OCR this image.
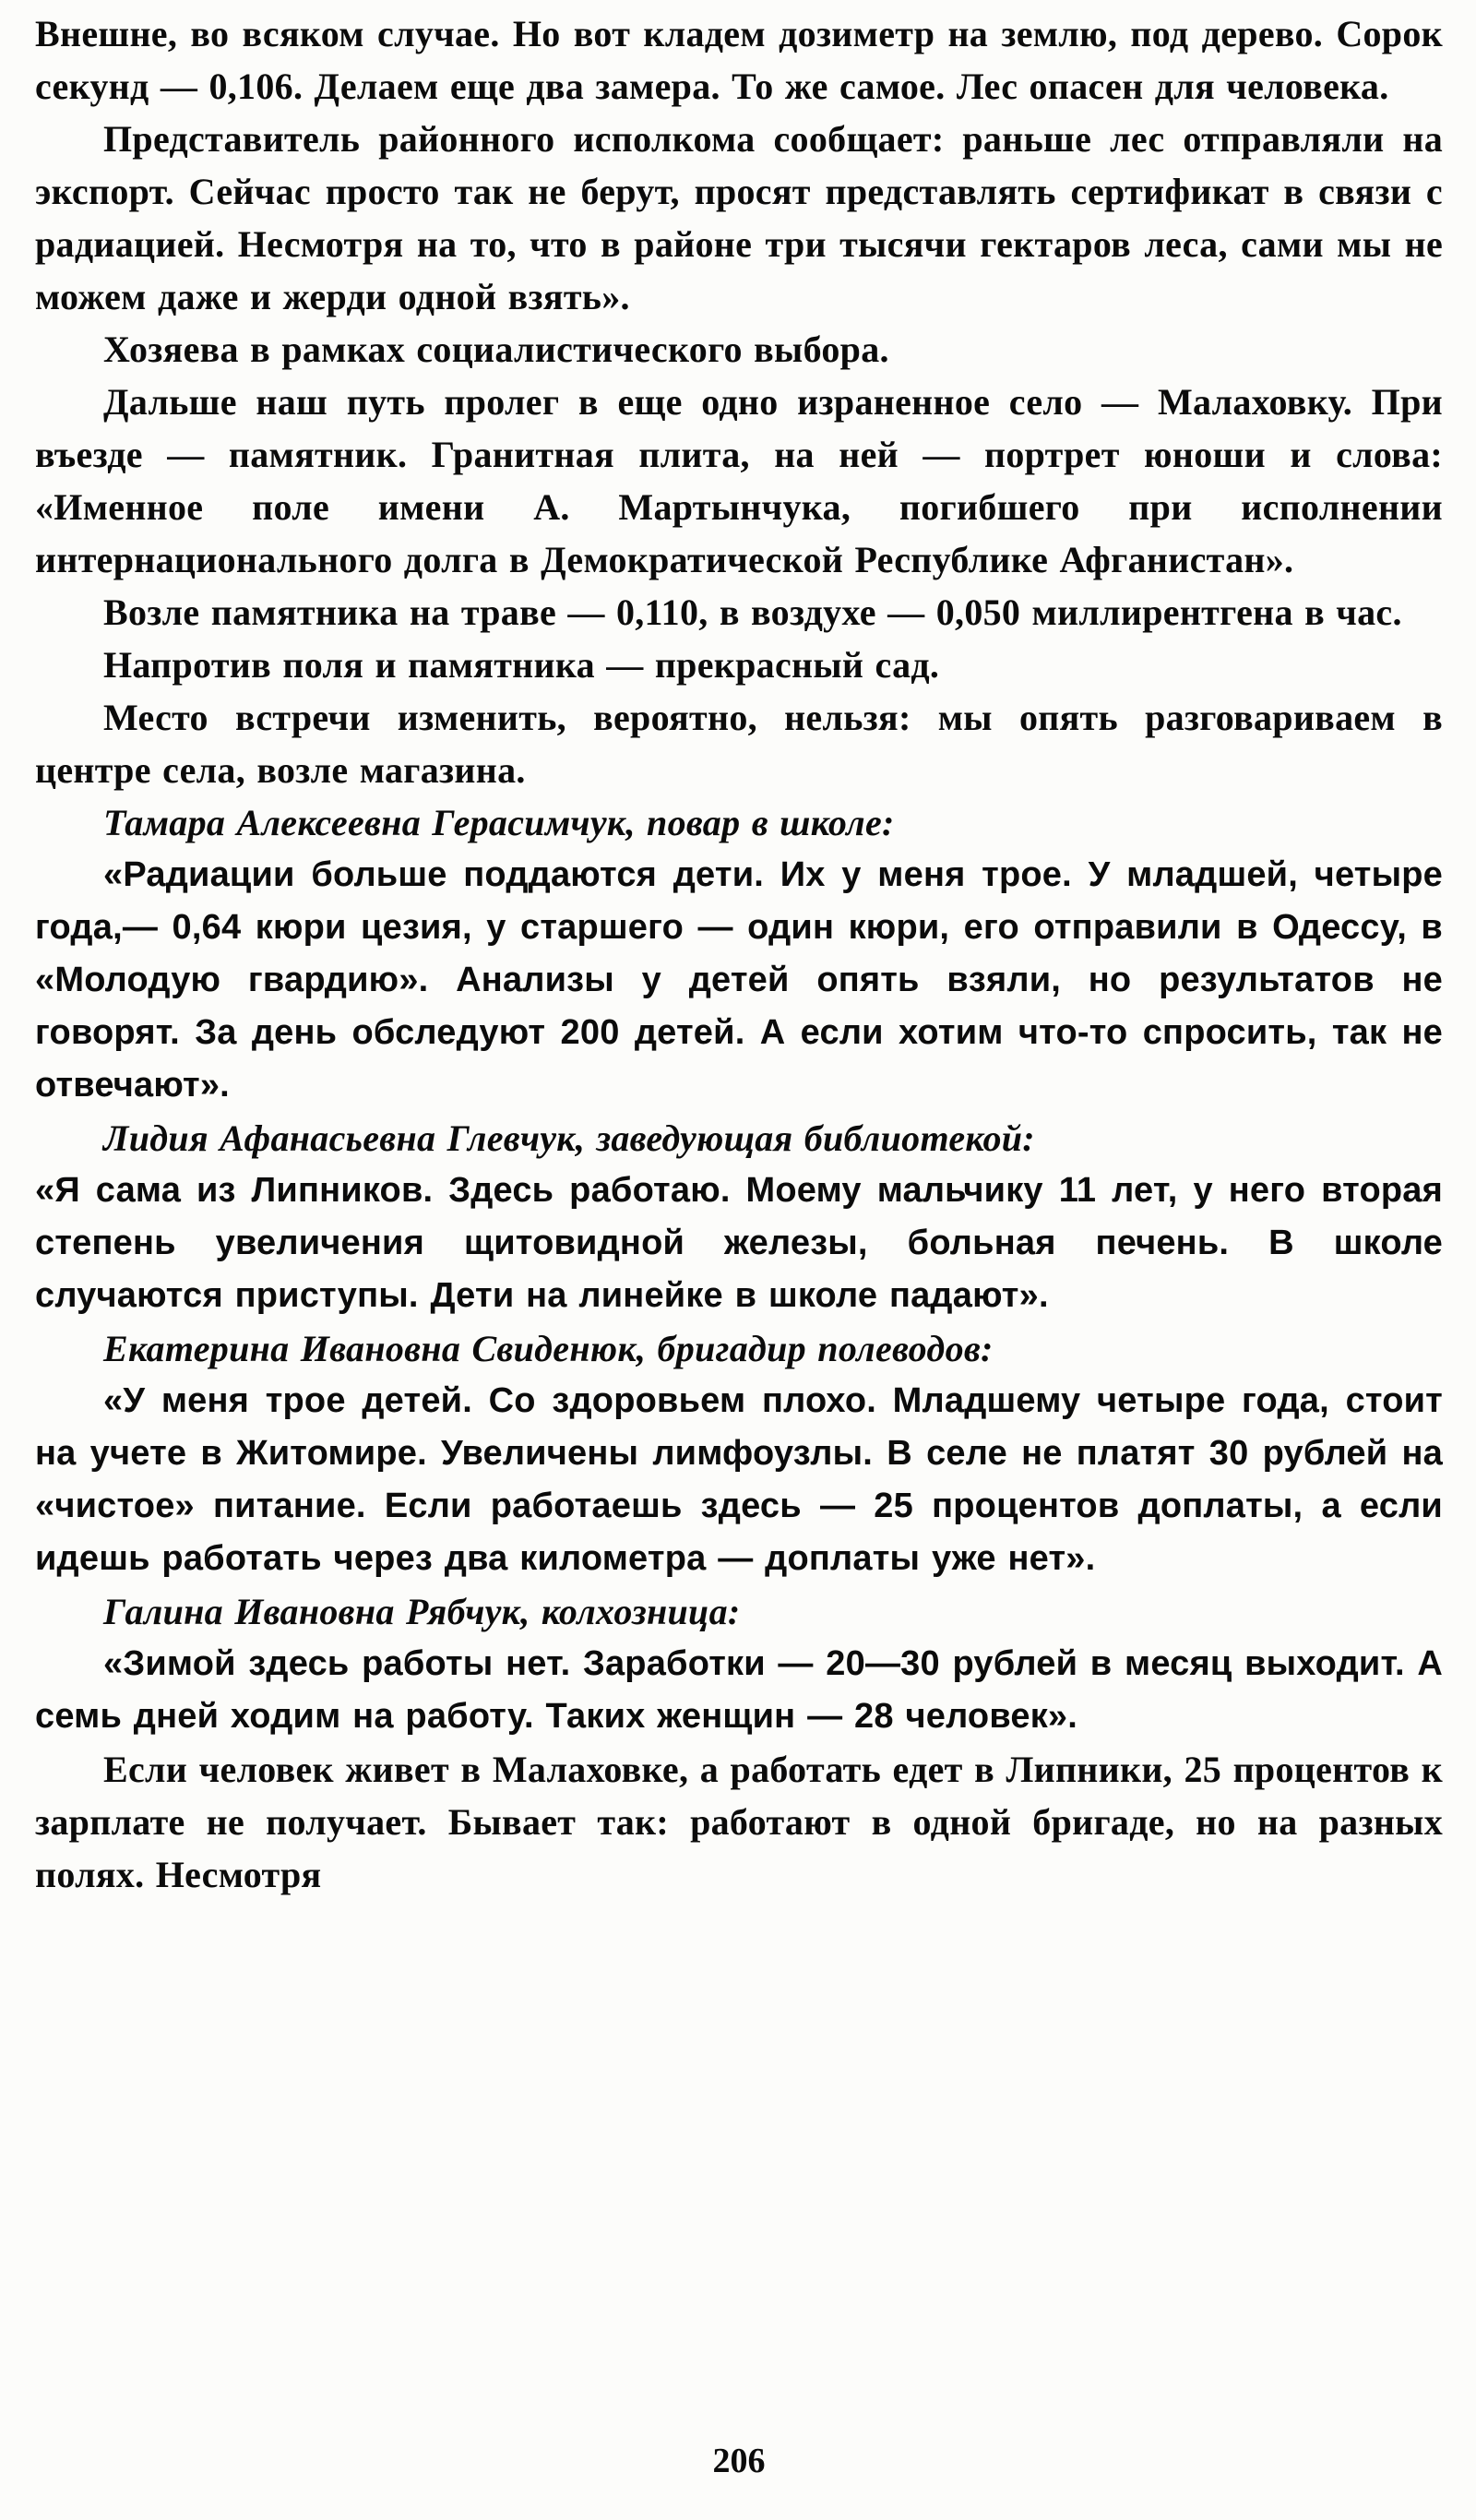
Внешне, во всяком случае. Но вот кладем дозиметр на землю, под дерево. Сорок секунд — 0,106. Делаем еще два замера. То же самое. Лес опасен для человека.

Представитель районного исполкома сообщает: раньше лес отправляли на экспорт. Сейчас просто так не берут, просят представлять сертификат в связи с радиацией. Несмотря на то, что в районе три тысячи гектаров леса, сами мы не можем даже и жерди одной взять».

Хозяева в рамках социалистического выбора.

Дальше наш путь пролег в еще одно израненное село — Малаховку. При въезде — памятник. Гранитная плита, на ней — портрет юноши и слова: «Именное поле имени А. Мартынчука, погибшего при исполнении интернационального долга в Демократической Республике Афганистан».

Возле памятника на траве — 0,110, в воздухе — 0,050 миллирентгена в час.

Напротив поля и памятника — прекрасный сад.

Место встречи изменить, вероятно, нельзя: мы опять разговариваем в центре села, возле магазина.

Тамара Алексеевна Герасимчук, повар в школе:

«Радиации больше поддаются дети. Их у меня трое. У младшей, четыре года,— 0,64 кюри цезия, у старшего — один кюри, его отправили в Одессу, в «Молодую гвардию». Анализы у детей опять взяли, но результатов не говорят. За день обследуют 200 детей. А если хотим что-то спросить, так не отвечают».

Лидия Афанасьевна Глевчук, заведующая библиотекой:

«Я сама из Липников. Здесь работаю. Моему мальчику 11 лет, у него вторая степень увеличения щитовидной железы, больная печень. В школе случаются приступы. Дети на линейке в школе падают».

Екатерина Ивановна Свиденюк, бригадир полеводов:

«У меня трое детей. Со здоровьем плохо. Младшему четыре года, стоит на учете в Житомире. Увеличены лимфоузлы. В селе не платят 30 рублей на «чистое» питание. Если работаешь здесь — 25 процентов доплаты, а если идешь работать через два километра — доплаты уже нет».

Галина Ивановна Рябчук, колхозница:

«Зимой здесь работы нет. Заработки — 20—30 рублей в месяц выходит. А семь дней ходим на работу. Таких женщин — 28 человек».

Если человек живет в Малаховке, а работать едет в Липники, 25 процентов к зарплате не получает. Бывает так: работают в одной бригаде, но на разных полях. Несмотря

206
